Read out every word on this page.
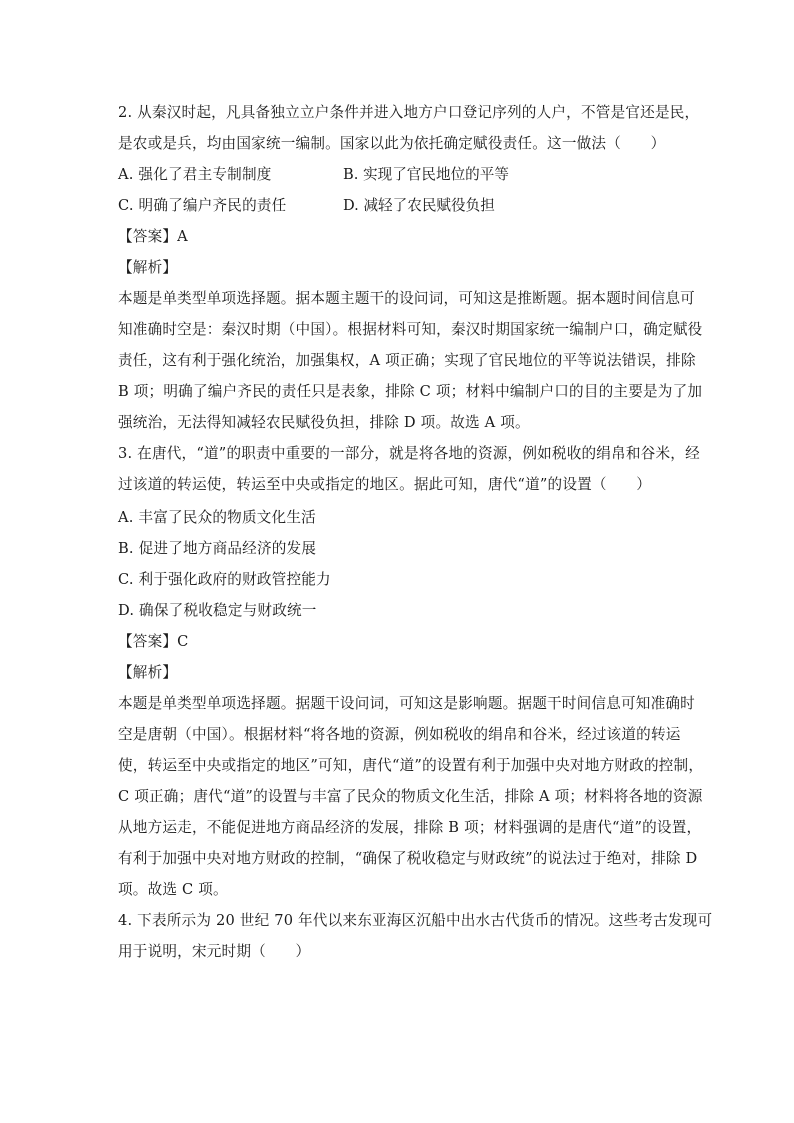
2. 从秦汉时起，凡具备独立立户条件并进入地方户口登记序列的人户，不管是官还是民，
是农或是兵，均由国家统一编制。国家以此为依托确定赋役责任。这一做法（　　）
A. 强化了君主专制制度	B. 实现了官民地位的平等
C. 明确了编户齐民的责任	D. 减轻了农民赋役负担
【答案】A
【解析】
本题是单类型单项选择题。据本题主题干的设问词，可知这是推断题。据本题时间信息可
知准确时空是：秦汉时期（中国）。根据材料可知，秦汉时期国家统一编制户口，确定赋役
责任，这有利于强化统治，加强集权，A 项正确；实现了官民地位的平等说法错误，排除
B 项；明确了编户齐民的责任只是表象，排除 C 项；材料中编制户口的目的主要是为了加
强统治，无法得知减轻农民赋役负担，排除 D 项。故选 A 项。
3. 在唐代，“道”的职责中重要的一部分，就是将各地的资源，例如税收的绢帛和谷米，经
过该道的转运使，转运至中央或指定的地区。据此可知，唐代“道”的设置（　　）
A. 丰富了民众的物质文化生活
B. 促进了地方商品经济的发展
C. 利于强化政府的财政管控能力
D. 确保了税收稳定与财政统一
【答案】C
【解析】
本题是单类型单项选择题。据题干设问词，可知这是影响题。据题干时间信息可知准确时
空是唐朝（中国）。根据材料“将各地的资源，例如税收的绢帛和谷米，经过该道的转运
使，转运至中央或指定的地区”可知，唐代“道”的设置有利于加强中央对地方财政的控制，
C 项正确；唐代“道”的设置与丰富了民众的物质文化生活，排除 A 项；材料将各地的资源
从地方运走，不能促进地方商品经济的发展，排除 B 项；材料强调的是唐代“道”的设置，
有利于加强中央对地方财政的控制，“确保了税收稳定与财政统”的说法过于绝对，排除 D
项。故选 C 项。
4. 下表所示为 20 世纪 70 年代以来东亚海区沉船中出水古代货币的情况。这些考古发现可
用于说明，宋元时期（　　）
